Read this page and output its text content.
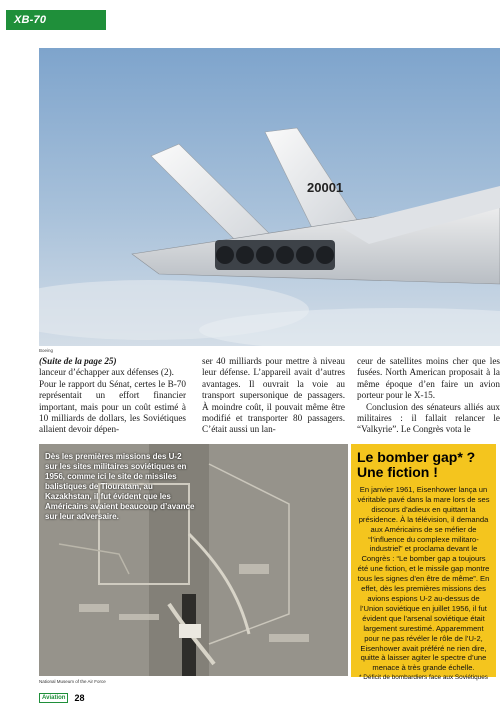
XB-70 “VALKYRIE”
20001
Boeing

(Suite de la page 25)

lanceur d’échapper aux défenses (2).

Pour le rapport du Sénat, certes le B-70 représentait un effort financier important, mais pour un coût estimé à 10 milliards de dollars, les Soviétiques allaient devoir dépen-

ser 40 milliards pour mettre à niveau leur défense. L’appareil avait d’autres avantages. Il ouvrait la voie au transport supersonique de passagers. À moindre coût, il pouvait même être modifié et transporter 80 passagers. C’était aussi un lan-

ceur de satellites moins cher que les fusées. North American proposait à la même époque d’en faire un avion porteur pour le X-15.

Conclusion des sénateurs alliés aux militaires : il fallait relancer le “Valkyrie”. Le Congrès vota le

Dès les premières missions des U-2 sur les sites militaires soviétiques en 1956, comme ici le site de missiles balistiques de Tiouratam, au Kazakhstan, il fut évident que les Américains avaient beaucoup d’avance sur leur adversaire.
National Museum of the Air Force
Le bomber gap* ? Une fiction !
En janvier 1961, Eisenhower lança un véritable pavé dans la mare lors de ses discours d’adieux en quittant la présidence. À la télévision, il demanda aux Américains de se méfier de “l’influence du complexe militaro-industriel” et proclama devant le Congrès : “Le bomber gap a toujours été une fiction, et le missile gap montre tous les signes d’en être de même”. En effet, dès les premières missions des avions espions U-2 au-dessus de l’Union soviétique en juillet 1956, il fut évident que l’arsenal soviétique était largement surestimé. Apparemment pour ne pas révéler le rôle de l’U-2, Eisenhower avait préféré ne rien dire, quitte à laisser agiter le spectre d’une menace à très grande échelle.
* Déficit de bombardiers face aux Soviétiques
Aviation 28
